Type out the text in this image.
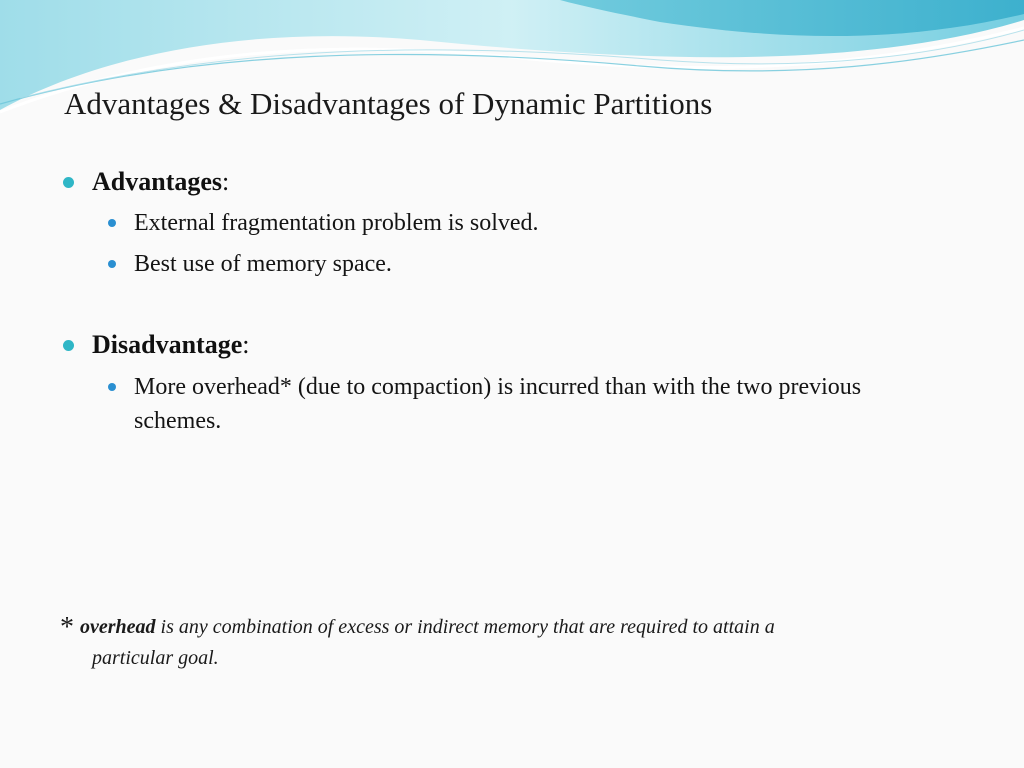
Advantages & Disadvantages of Dynamic Partitions
Advantages:
External fragmentation problem is solved.
Best use of memory space.
Disadvantage:
More overhead* (due to compaction) is incurred than with the two previous schemes.
* overhead is any combination of excess or indirect memory that are required to attain a
particular goal.
